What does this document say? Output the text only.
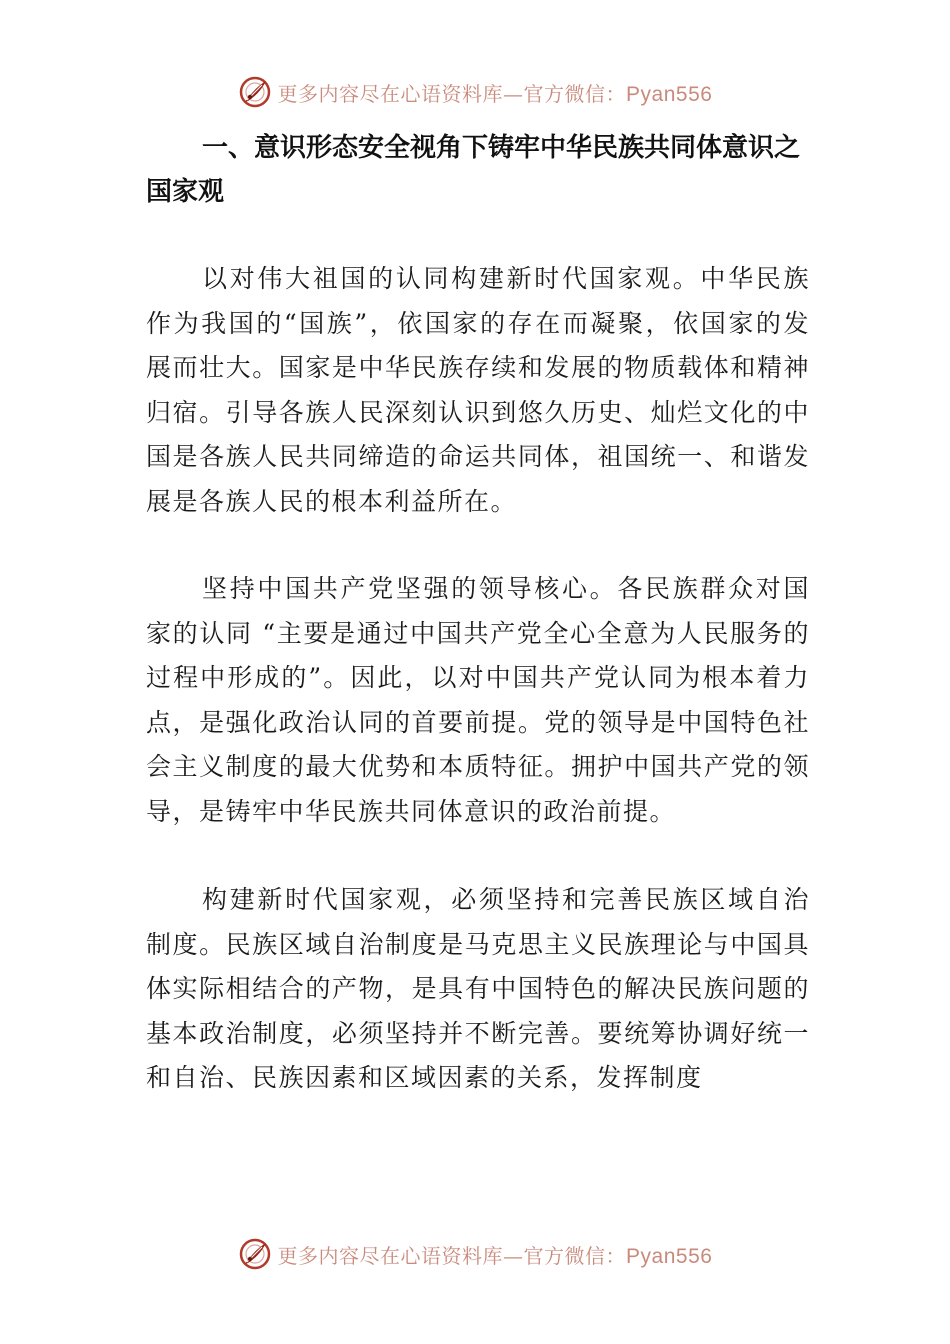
更多内容尽在心语资料库—官方微信：Pyan556
一、意识形态安全视角下铸牢中华民族共同体意识之国家观

以对伟大祖国的认同构建新时代国家观。中华民族作为我国的“国族”，依国家的存在而凝聚，依国家的发展而壮大。国家是中华民族存续和发展的物质载体和精神归宿。引导各族人民深刻认识到悠久历史、灿烂文化的中国是各族人民共同缔造的命运共同体，祖国统一、和谐发展是各族人民的根本利益所在。

坚持中国共产党坚强的领导核心。各民族群众对国家的认同 “主要是通过中国共产党全心全意为人民服务的过程中形成的”。因此，以对中国共产党认同为根本着力点，是强化政治认同的首要前提。党的领导是中国特色社会主义制度的最大优势和本质特征。拥护中国共产党的领导，是铸牢中华民族共同体意识的政治前提。

构建新时代国家观，必须坚持和完善民族区域自治制度。民族区域自治制度是马克思主义民族理论与中国具体实际相结合的产物，是具有中国特色的解决民族问题的基本政治制度，必须坚持并不断完善。要统筹协调好统一和自治、民族因素和区域因素的关系，发挥制度

更多内容尽在心语资料库—官方微信：Pyan556
